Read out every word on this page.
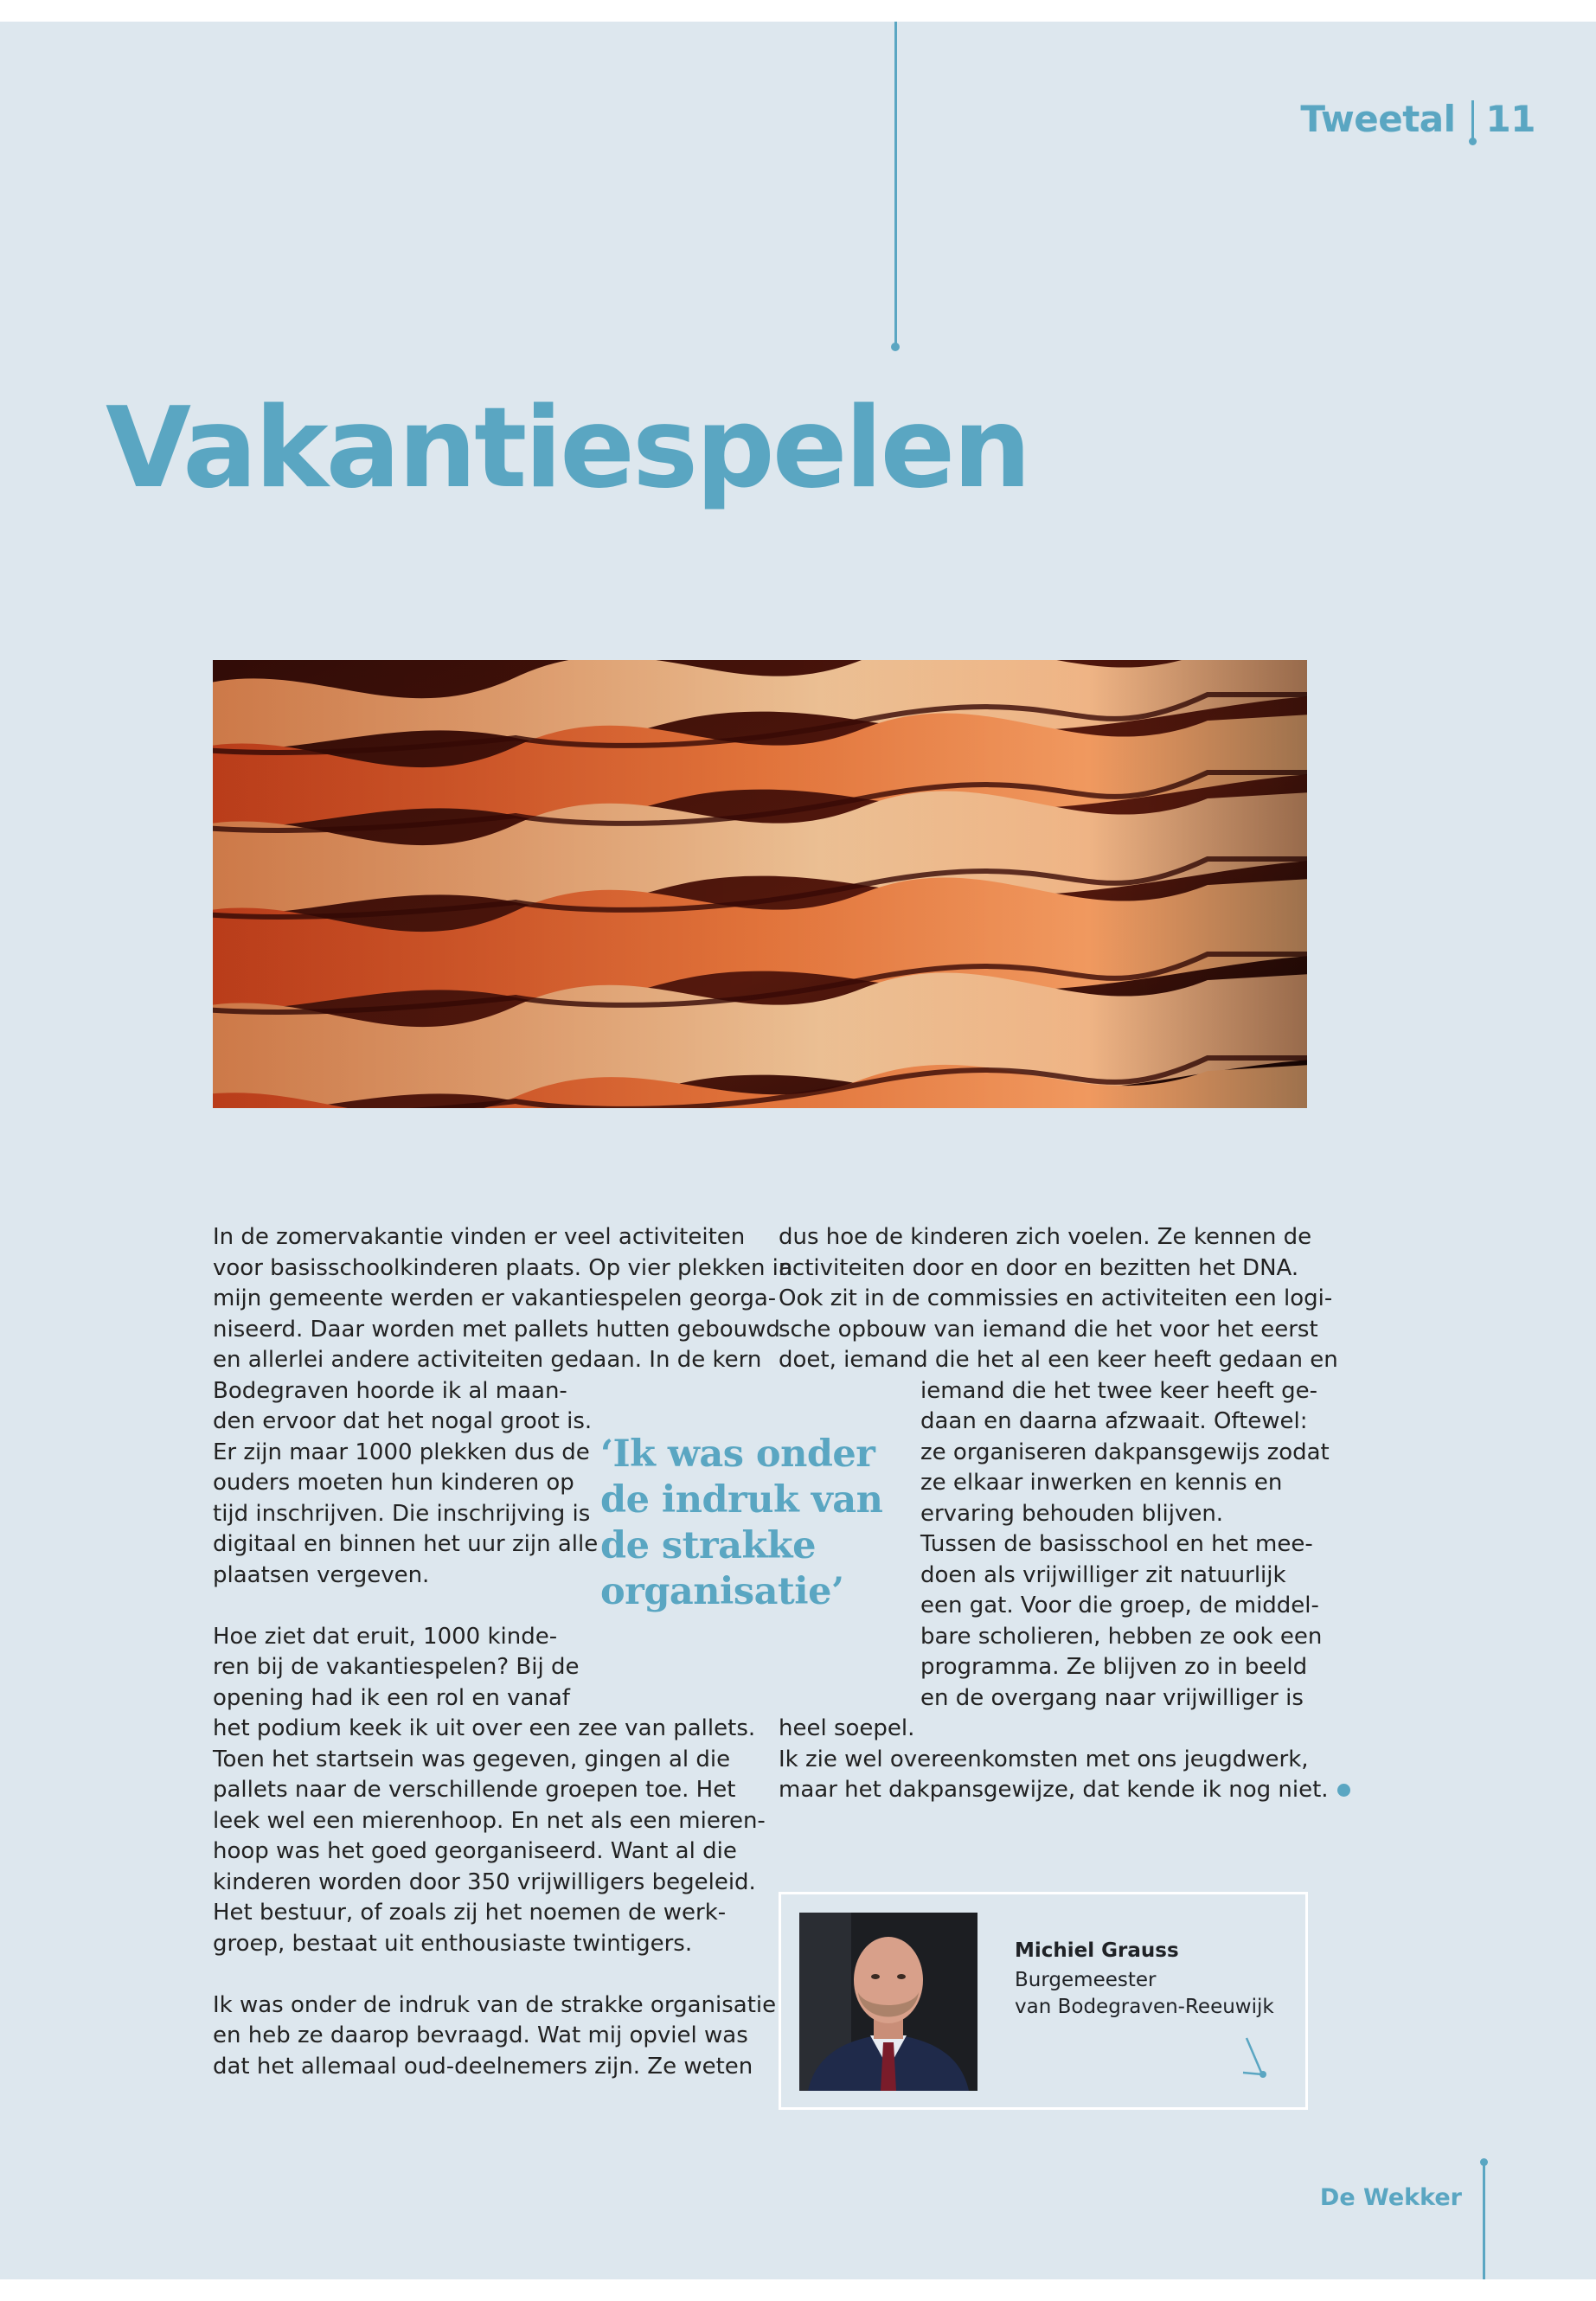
Tweetal 11
Vakantiespelen
In de zomervakantie vinden er veel activiteiten
voor basisschoolkinderen plaats. Op vier plekken in
mijn gemeente werden er vakantiespelen georga-
niseerd. Daar worden met pallets hutten gebouwd
en allerlei andere activiteiten gedaan. In de kern
Bodegraven hoorde ik al maan-
den ervoor dat het nogal groot is.
Er zijn maar 1000 plekken dus de
ouders moeten hun kinderen op
tijd inschrijven. Die inschrijving is
digitaal en binnen het uur zijn alle
plaatsen vergeven.

Hoe ziet dat eruit, 1000 kinde-
ren bij de vakantiespelen? Bij de
opening had ik een rol en vanaf
het podium keek ik uit over een zee van pallets.
Toen het startsein was gegeven, gingen al die
pallets naar de verschillende groepen toe. Het
leek wel een mierenhoop. En net als een mieren-
hoop was het goed georganiseerd. Want al die
kinderen worden door 350 vrijwilligers begeleid.
Het bestuur, of zoals zij het noemen de werk-
groep, bestaat uit enthousiaste twintigers.

Ik was onder de indruk van de strakke organisatie
en heb ze daarop bevraagd. Wat mij opviel was
dat het allemaal oud-deelnemers zijn. Ze weten
‘Ik was onder
de indruk van
de strakke
organisatie’
dus hoe de kinderen zich voelen. Ze kennen de
activiteiten door en door en bezitten het DNA.
Ook zit in de commissies en activiteiten een logi-
sche opbouw van iemand die het voor het eerst
doet, iemand die het al een keer heeft gedaan en
iemand die het twee keer heeft ge-
daan en daarna afzwaait. Oftewel:
ze organiseren dakpansgewijs zodat
ze elkaar inwerken en kennis en
ervaring behouden blijven.
Tussen de basisschool en het mee-
doen als vrijwilliger zit natuurlijk
een gat. Voor die groep, de middel-
bare scholieren, hebben ze ook een
programma. Ze blijven zo in beeld
en de overgang naar vrijwilliger is
heel soepel.
Ik zie wel overeenkomsten met ons jeugdwerk,
maar het dakpansgewijze, dat kende ik nog niet.
Michiel Grauss
Burgemeester
van Bodegraven-Reeuwijk
De Wekker
